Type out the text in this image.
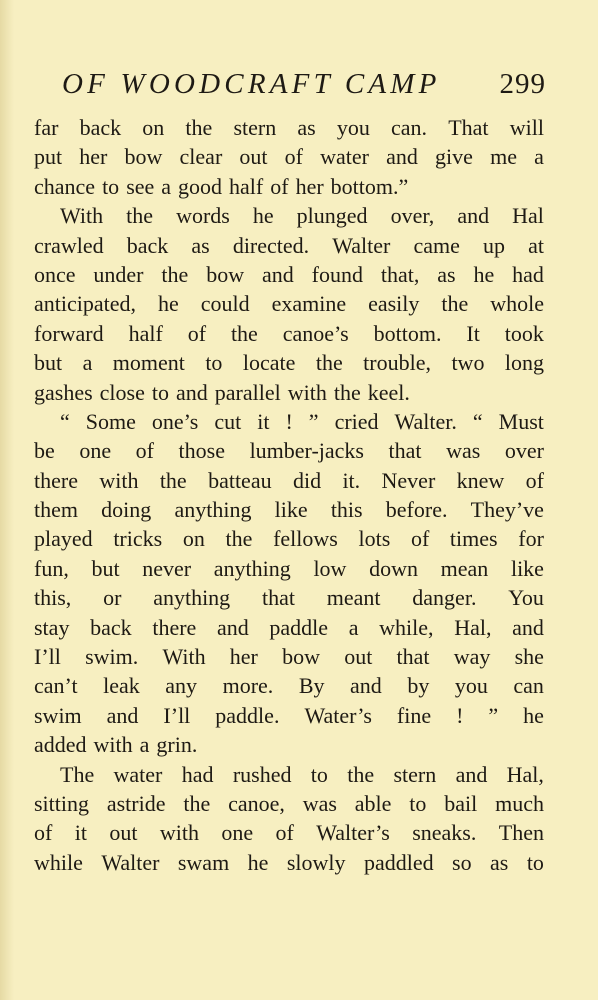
OF WOODCRAFT CAMP 299
far back on the stern as you can. That will
put her bow clear out of water and give me a
chance to see a good half of her bottom.”
With the words he plunged over, and Hal
crawled back as directed. Walter came up at
once under the bow and found that, as he had
anticipated, he could examine easily the whole
forward half of the canoe’s bottom. It took
but a moment to locate the trouble, two long
gashes close to and parallel with the keel.
“ Some one’s cut it ! ” cried Walter. “ Must
be one of those lumber-jacks that was over
there with the batteau did it. Never knew of
them doing anything like this before. They’ve
played tricks on the fellows lots of times for
fun, but never anything low down mean like
this, or anything that meant danger. You
stay back there and paddle a while, Hal, and
I’ll swim. With her bow out that way she
can’t leak any more. By and by you can
swim and I’ll paddle. Water’s fine ! ” he
added with a grin.
The water had rushed to the stern and Hal,
sitting astride the canoe, was able to bail much
of it out with one of Walter’s sneaks. Then
while Walter swam he slowly paddled so as to
